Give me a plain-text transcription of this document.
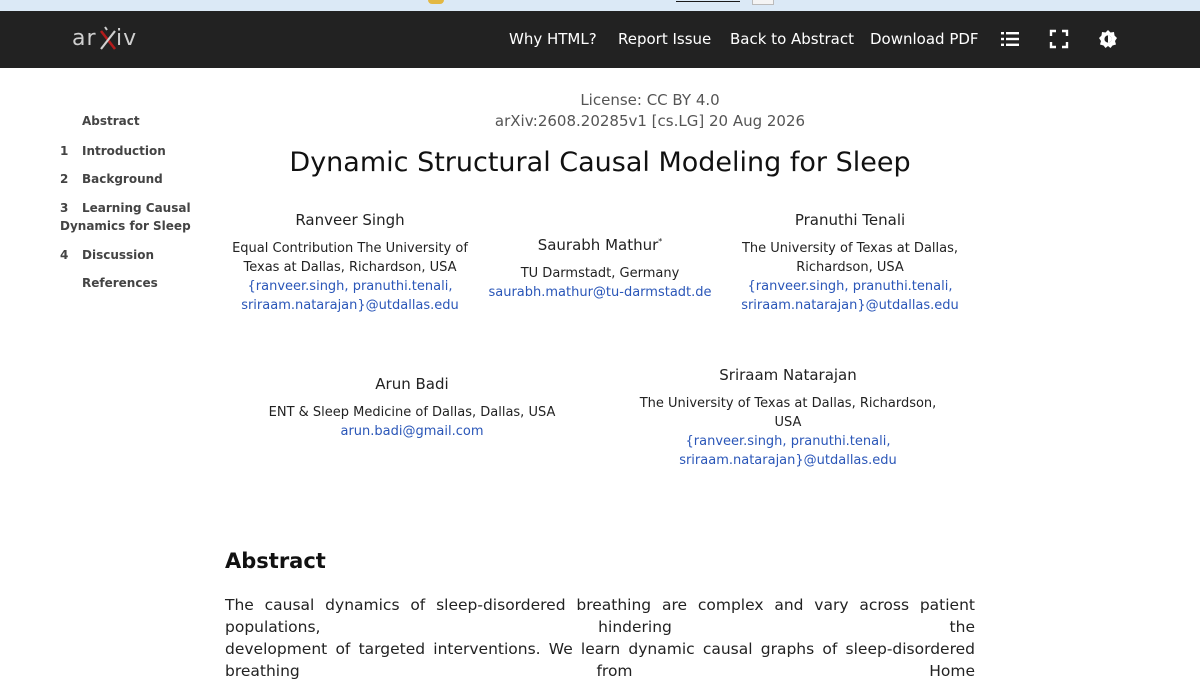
ar iv	Why HTML? Report Issue Back to Abstract Download PDF
Abstract
1	Introduction
2	Background
3	Learning Causal Dynamics for Sleep
4	Discussion
References
License: CC BY 4.0
arXiv:2608.20285v1 [cs.LG] 20 Aug 2026
Dynamic Structural Causal Modeling for Sleep
Ranveer Singh
Equal Contribution The University of
Texas at Dallas, Richardson, USA
{ranveer.singh, pranuthi.tenali,
sriraam.natarajan}@utdallas.edu
Saurabh Mathur*
TU Darmstadt, Germany
saurabh.mathur@tu-darmstadt.de
Pranuthi Tenali
The University of Texas at Dallas,
Richardson, USA
{ranveer.singh, pranuthi.tenali,
sriraam.natarajan}@utdallas.edu
Arun Badi
ENT & Sleep Medicine of Dallas, Dallas, USA
arun.badi@gmail.com
Sriraam Natarajan
The University of Texas at Dallas, Richardson, USA
{ranveer.singh, pranuthi.tenali,
sriraam.natarajan}@utdallas.edu
Abstract
The causal dynamics of sleep-disordered breathing are complex and vary across patient populations, hindering the
development of targeted interventions. We learn dynamic causal graphs of sleep-disordered breathing from Home
